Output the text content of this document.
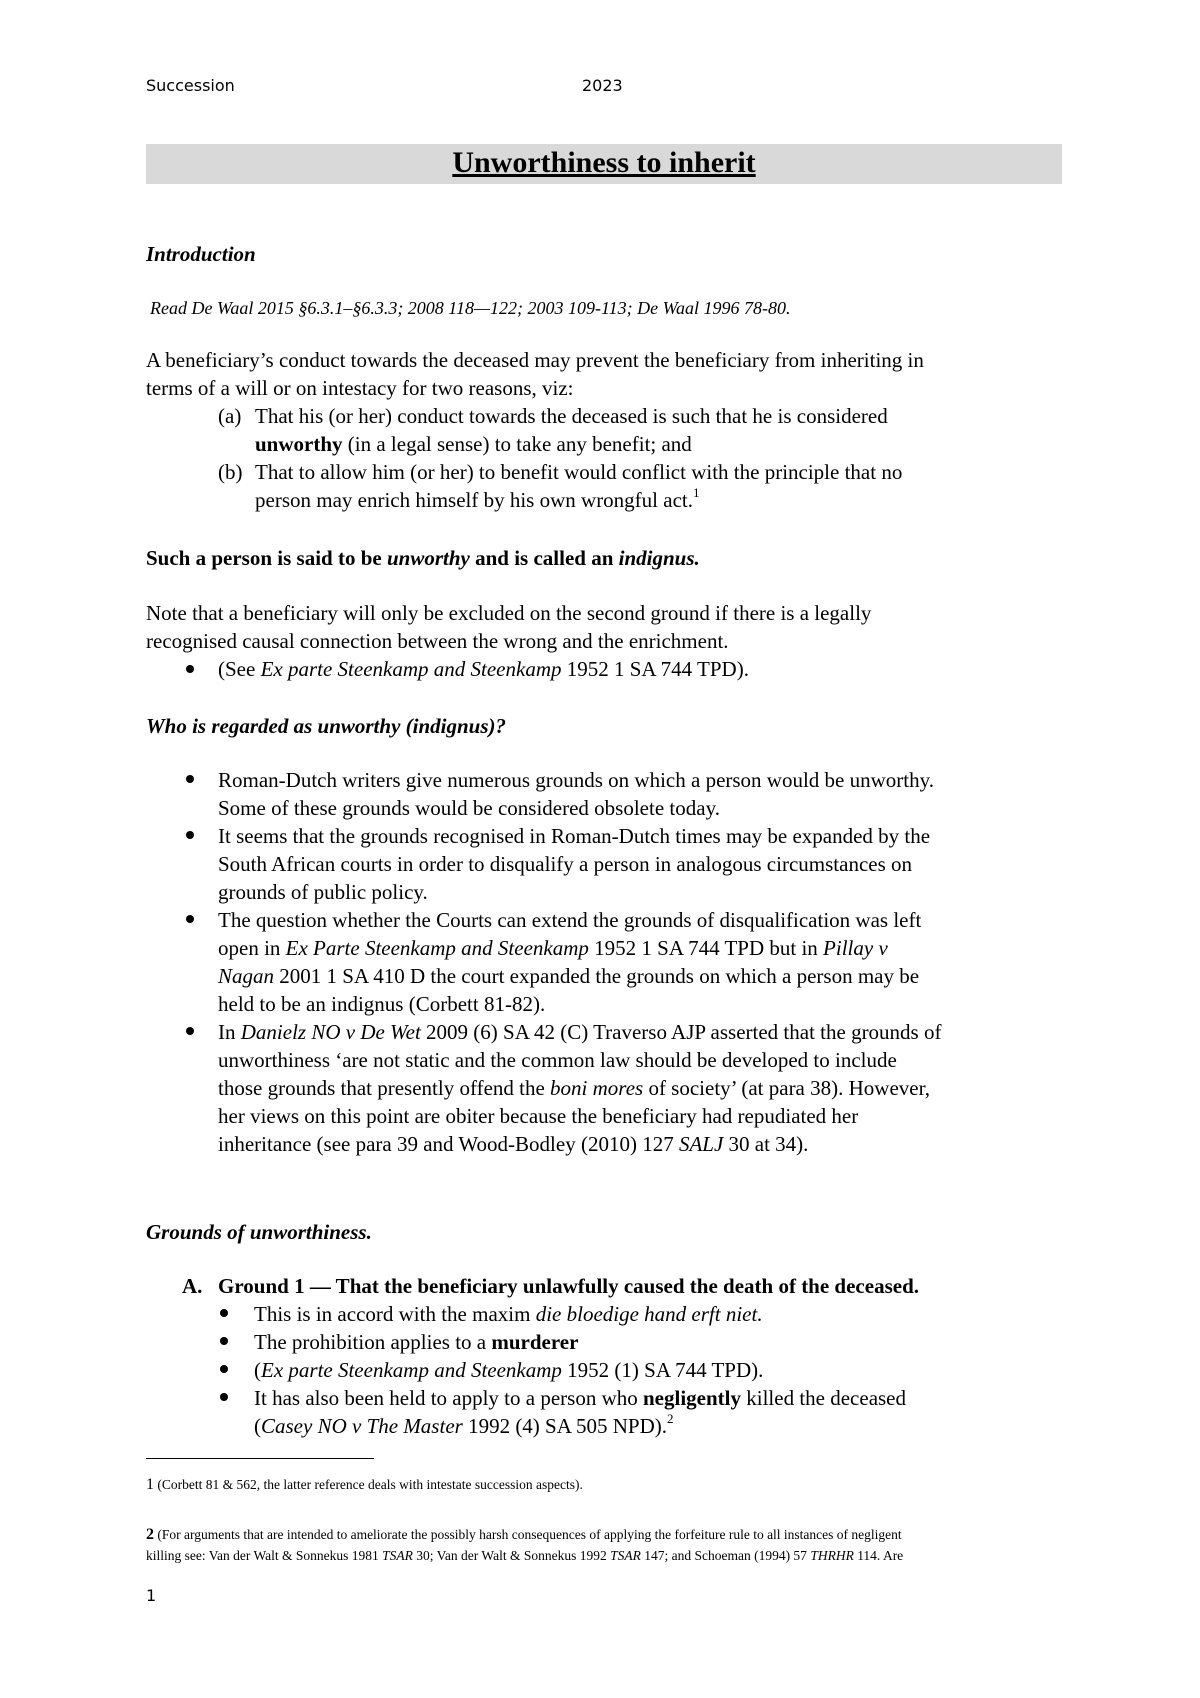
Succession	2023
Unworthiness to inherit
Introduction
Read De Waal 2015 §6.3.1–§6.3.3; 2008 118—122; 2003 109-113; De Waal 1996 78-80.
A beneficiary’s conduct towards the deceased may prevent the beneficiary from inheriting in
terms of a will or on intestacy for two reasons, viz:
(a) That his (or her) conduct towards the deceased is such that he is considered
unworthy (in a legal sense) to take any benefit; and
(b) That to allow him (or her) to benefit would conflict with the principle that no
person may enrich himself by his own wrongful act.$^1$
Such a person is said to be unworthy and is called an indignus.
Note that a beneficiary will only be excluded on the second ground if there is a legally
recognised causal connection between the wrong and the enrichment.
(See Ex parte Steenkamp and Steenkamp 1952 1 SA 744 TPD).
Who is regarded as unworthy (indignus)?
Roman-Dutch writers give numerous grounds on which a person would be unworthy.
Some of these grounds would be considered obsolete today.
It seems that the grounds recognised in Roman-Dutch times may be expanded by the
South African courts in order to disqualify a person in analogous circumstances on
grounds of public policy.
The question whether the Courts can extend the grounds of disqualification was left
open in Ex Parte Steenkamp and Steenkamp 1952 1 SA 744 TPD but in Pillay v
Nagan 2001 1 SA 410 D the court expanded the grounds on which a person may be
held to be an indignus (Corbett 81-82).
In Danielz NO v De Wet 2009 (6) SA 42 (C) Traverso AJP asserted that the grounds of
unworthiness ‘are not static and the common law should be developed to include
those grounds that presently offend the boni mores of society’ (at para 38). However,
her views on this point are obiter because the beneficiary had repudiated her
inheritance (see para 39 and Wood-Bodley (2010) 127 SALJ 30 at 34).
Grounds of unworthiness.
A. Ground 1 — That the beneficiary unlawfully caused the death of the deceased.
This is in accord with the maxim die bloedige hand erft niet.
The prohibition applies to a murderer
(Ex parte Steenkamp and Steenkamp 1952 (1) SA 744 TPD).
It has also been held to apply to a person who negligently killed the deceased
(Casey NO v The Master 1992 (4) SA 505 NPD).$^2$
1 (Corbett 81 & 562, the latter reference deals with intestate succession aspects).
2 (For arguments that are intended to ameliorate the possibly harsh consequences of applying the forfeiture rule to all instances of negligent
killing see: Van der Walt & Sonnekus 1981 TSAR 30; Van der Walt & Sonnekus 1992 TSAR 147; and Schoeman (1994) 57 THRHR 114. Are
1
